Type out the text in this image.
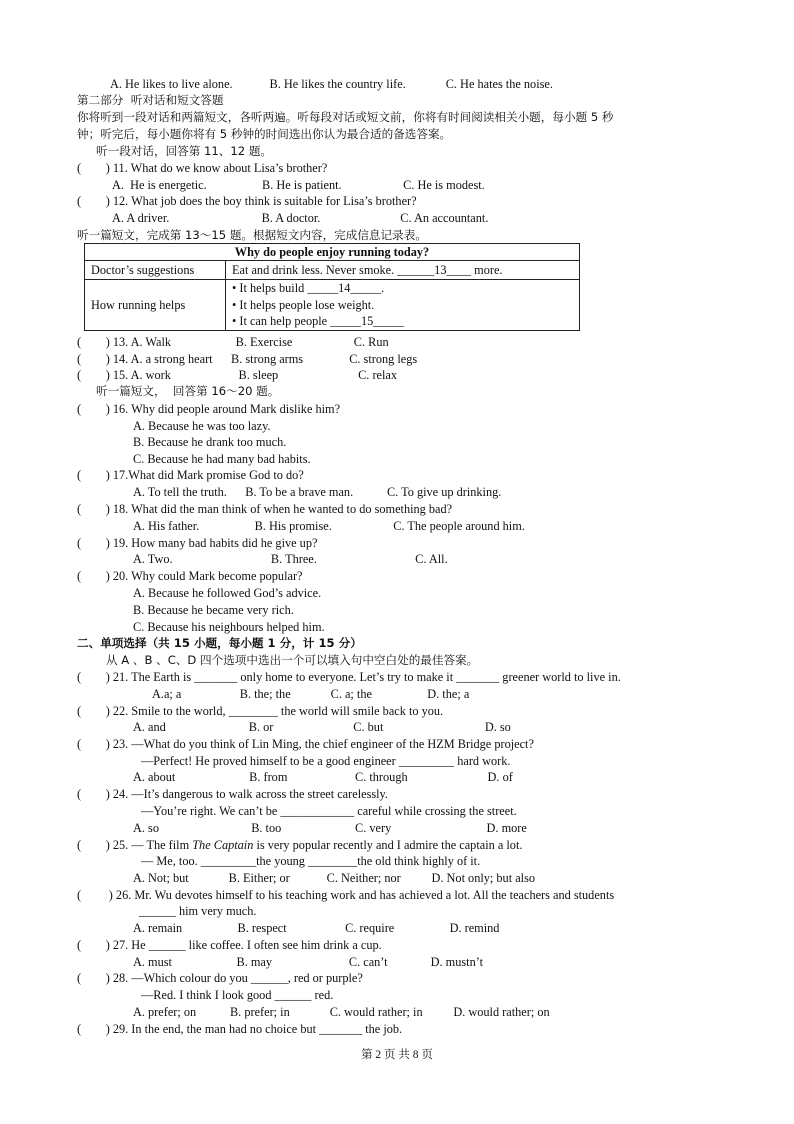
A. He likes to live alone.            B. He likes the country life.             C. He hates the noise.
第二部分  听对话和短文答题
你将听到一段对话和两篇短文，各听两遍。听每段对话或短文前，你将有时间阅读相关小题，每小题 5 秒
钟；听完后，每小题你将有 5 秒钟的时间选出你认为最合适的备选答案。
听一段对话，回答第 11、12 题。
(        ) 11. What do we know about Lisa’s brother?
A.  He is energetic.                  B. He is patient.                    C. He is modest.
(        ) 12. What job does the boy think is suitable for Lisa’s brother?
A. A driver.                              B. A doctor.                          C. An accountant.
听一篇短文，完成第 13～15 题。根据短文内容，完成信息记录表。
(        ) 13. A. Walk                     B. Exercise                    C. Run
(        ) 14. A. a strong heart      B. strong arms               C. strong legs
(        ) 15. A. work                      B. sleep                          C. relax
听一篇短文，  回答第 16～20 题。
(        ) 16. Why did people around Mark dislike him?
A. Because he was too lazy.
B. Because he drank too much.
C. Because he had many bad habits.
(        ) 17.What did Mark promise God to do?
A. To tell the truth.      B. To be a brave man.           C. To give up drinking.
(        ) 18. What did the man think of when he wanted to do something bad?
A. His father.                  B. His promise.                    C. The people around him.
(        ) 19. How many bad habits did he give up?
A. Two.                                B. Three.                                C. All.
(        ) 20. Why could Mark become popular?
A. Because he followed God’s advice.
B. Because he became very rich.
C. Because his neighbours helped him.
二、单项选择（共 15 小题，每小题 1 分，计 15 分）
从 A 、B 、C、D 四个选项中选出一个可以填入句中空白处的最佳答案。
(        ) 21. The Earth is _______ only home to everyone. Let’s try to make it _______ greener world to live in.
A.a; a                   B. the; the             C. a; the                  D. the; a
(        ) 22. Smile to the world, ________ the world will smile back to you.
A. and                           B. or                          C. but                                 D. so
(        ) 23. —What do you think of Lin Ming, the chief engineer of the HZM Bridge project?
—Perfect! He proved himself to be a good engineer _________ hard work.
A. about                        B. from                      C. through                          D. of
(        ) 24. —It’s dangerous to walk across the street carelessly.
—You’re right. We can’t be ____________ careful while crossing the street.
A. so                              B. too                        C. very                               D. more
A. Not; but             B. Either; or            C. Neither; nor          D. Not only; but also
(         ) 26. Mr. Wu devotes himself to his teaching work and has achieved a lot. All the teachers and students
______ him very much.
A. remain                  B. respect                   C. require                  D. remind
(        ) 27. He ______ like coffee. I often see him drink a cup.
A. must                     B. may                         C. can’t              D. mustn’t
(        ) 28. —Which colour do you ______, red or purple?
—Red. I think I look good ______ red.
A. prefer; on           B. prefer; in             C. would rather; in          D. would rather; on
(        ) 29. In the end, the man had no choice but _______ the job.
(        ) 25. — The film The Captain is very popular recently and I admire the captain a lot.
— Me, too. _________the young ________the old think highly of it.
Why do people enjoy running today?	
Doctor’s suggestions	Eat and drink less. Never smoke. ______13____ more.
How running helps	• It helps build _____14_____.
• It helps people lose weight.
• It can help people _____15_____
第 2 页 共 8 页
